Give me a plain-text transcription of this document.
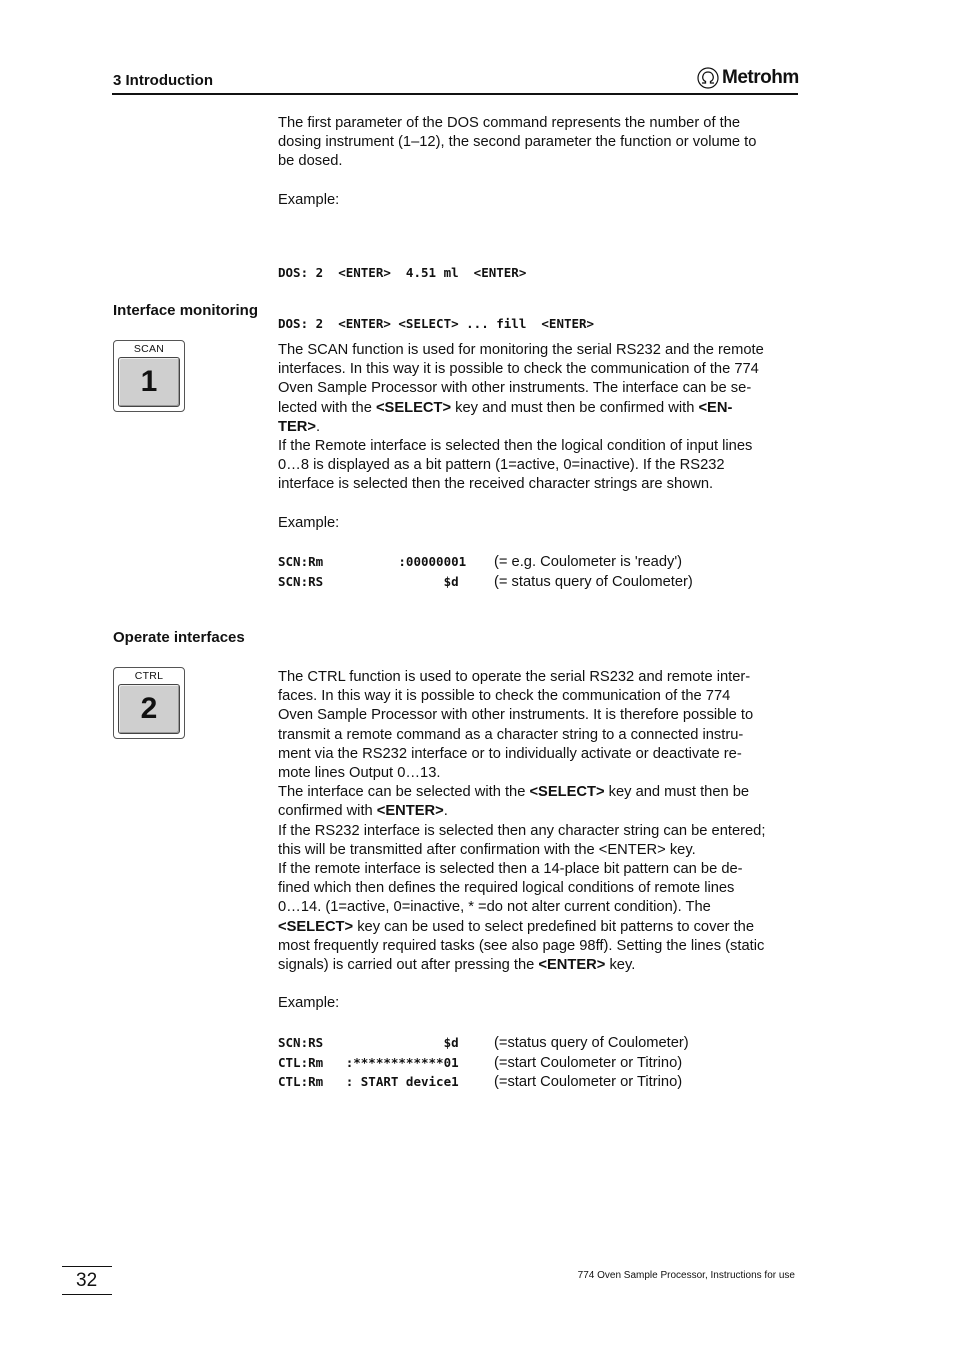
3 Introduction	Metrohm

The first parameter of the DOS command represents the number of the
dosing instrument (1–12), the second parameter the function or volume to
be dosed.

Example:

DOS: 2  <ENTER>  4.51 ml  <ENTER>

DOS: 2  <ENTER> <SELECT> ... fill  <ENTER>

Interface monitoring
SCAN
1

The SCAN function is used for monitoring the serial RS232 and the remote
interfaces. In this way it is possible to check the communication of the 774
Oven Sample Processor with other instruments. The interface can be se-
lected with the <SELECT> key and must then be confirmed with <EN-
TER>.

If the Remote interface is selected then the logical condition of input lines
0…8 is displayed as a bit pattern (1=active, 0=inactive). If the RS232
interface is selected then the received character strings are shown.

Example:

SCN:Rm          :00000001	(= e.g. Coulometer is 'ready')
SCN:RS                $d	(= status query of Coulometer)
Operate interfaces
CTRL
2

The CTRL function is used to operate the serial RS232 and remote inter-
faces. In this way it is possible to check the communication of the 774
Oven Sample Processor with other instruments. It is therefore possible to
transmit a remote command as a character string to a connected instru-
ment via the RS232 interface or to individually activate or deactivate re-
mote lines Output 0…13.

The interface can be selected with the <SELECT> key and must then be
confirmed with <ENTER>.

If the RS232 interface is selected then any character string can be entered;
this will be transmitted after confirmation with the <ENTER> key.

If the remote interface is selected then a 14-place bit pattern can be de-
fined which then defines the required logical conditions of remote lines
0…14. (1=active, 0=inactive, * =do not alter current condition). The
<SELECT> key can be used to select predefined bit patterns to cover the
most frequently required tasks (see also page 98ff). Setting the lines (static
signals) is carried out after pressing the <ENTER> key.

Example:

SCN:RS                $d	(=status query of Coulometer)
CTL:Rm   :************01	(=start Coulometer or Titrino)
CTL:Rm   : START device1	(=start Coulometer or Titrino)
32	774 Oven Sample Processor, Instructions for use
